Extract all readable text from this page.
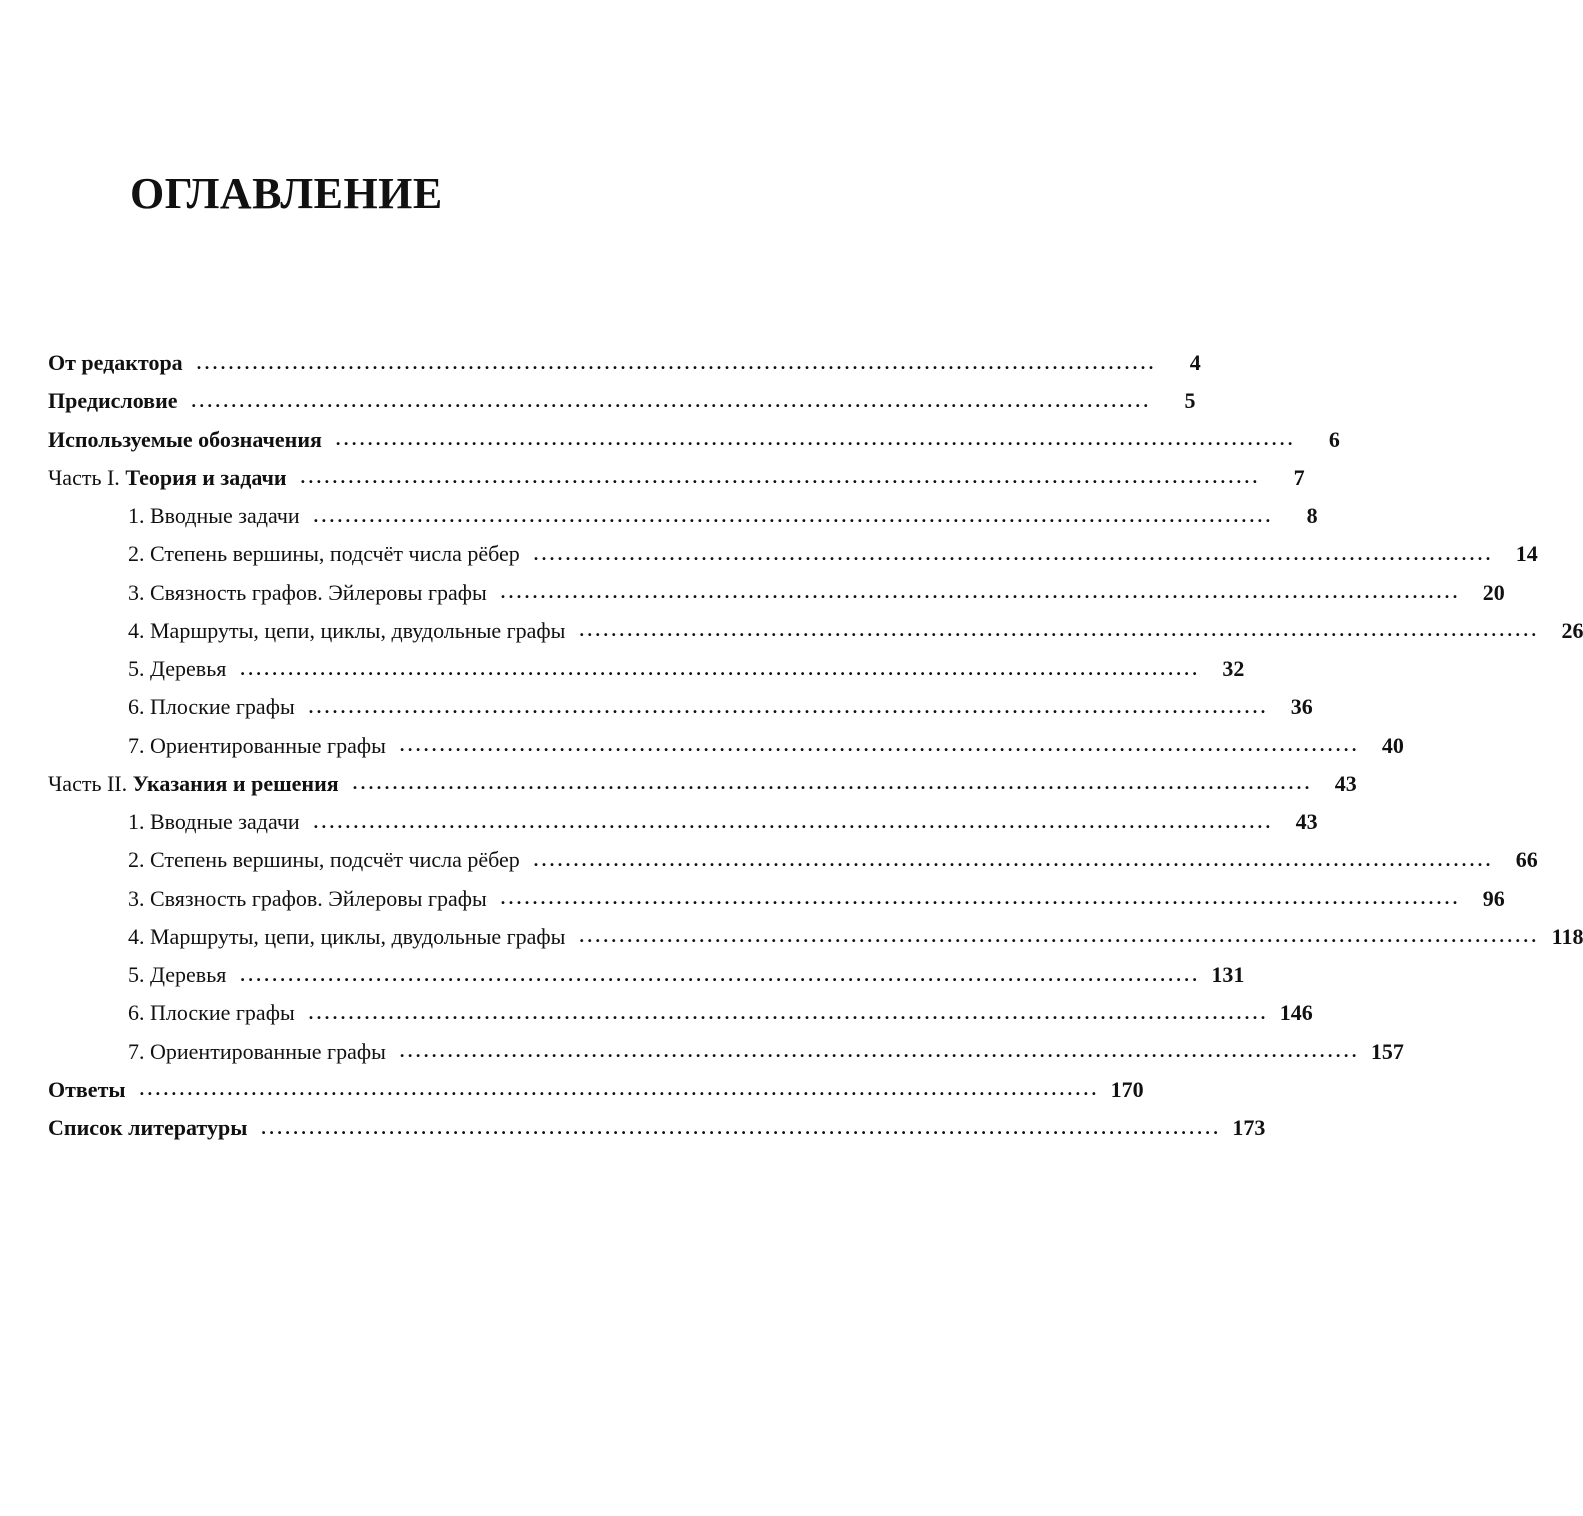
ОГЛАВЛЕНИЕ
От редактора ........................................................................................................................	4
Предисловие ........................................................................................................................	5
Используемые обозначения ........................................................................................................................	6
Часть I. Теория и задачи ........................................................................................................................	7
1. Вводные задачи ........................................................................................................................	8
2. Степень вершины, подсчёт числа рёбер ........................................................................................................................	14
3. Связность графов. Эйлеровы графы ........................................................................................................................	20
4. Маршруты, цепи, циклы, двудольные графы ........................................................................................................................	26
5. Деревья ........................................................................................................................	32
6. Плоские графы ........................................................................................................................	36
7. Ориентированные графы ........................................................................................................................	40
Часть II. Указания и решения ........................................................................................................................	43
1. Вводные задачи ........................................................................................................................	43
2. Степень вершины, подсчёт числа рёбер ........................................................................................................................	66
3. Связность графов. Эйлеровы графы ........................................................................................................................	96
4. Маршруты, цепи, циклы, двудольные графы ........................................................................................................................ 118
5. Деревья ........................................................................................................................ 131
6. Плоские графы ........................................................................................................................ 146
7. Ориентированные графы ........................................................................................................................ 157
Ответы ........................................................................................................................ 170
Список литературы ........................................................................................................................ 173
